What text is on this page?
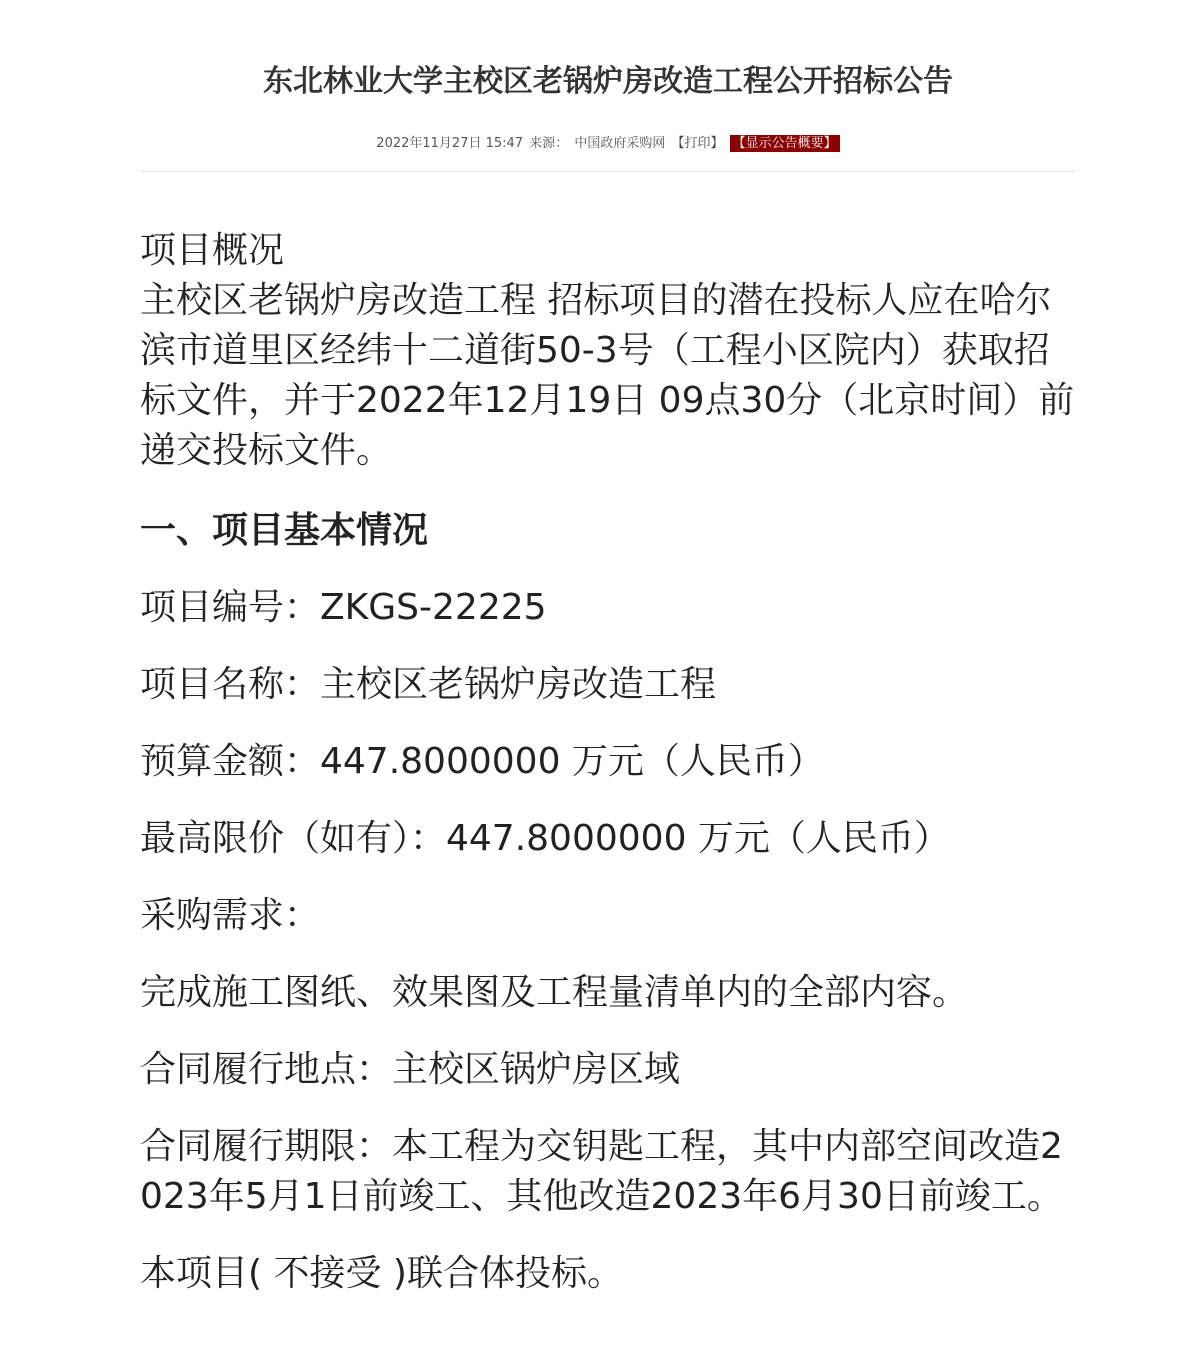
东北林业大学主校区老锅炉房改造工程公开招标公告
2022年11月27日 15:47 来源： 中国政府采购网 【打印】 【显示公告概要】

项目概况

主校区老锅炉房改造工程 招标项目的潜在投标人应在哈尔滨市道里区经纬十二道街50-3号（工程小区院内）获取招标文件，并于2022年12月19日 09点30分（北京时间）前递交投标文件。

一、项目基本情况

项目编号：ZKGS-22225

项目名称：主校区老锅炉房改造工程

预算金额：447.8000000 万元（人民币）

最高限价（如有）：447.8000000 万元（人民币）

采购需求：

完成施工图纸、效果图及工程量清单内的全部内容。

合同履行地点：主校区锅炉房区域

合同履行期限：本工程为交钥匙工程，其中内部空间改造2023年5月1日前竣工、其他改造2023年6月30日前竣工。

本项目( 不接受 )联合体投标。
